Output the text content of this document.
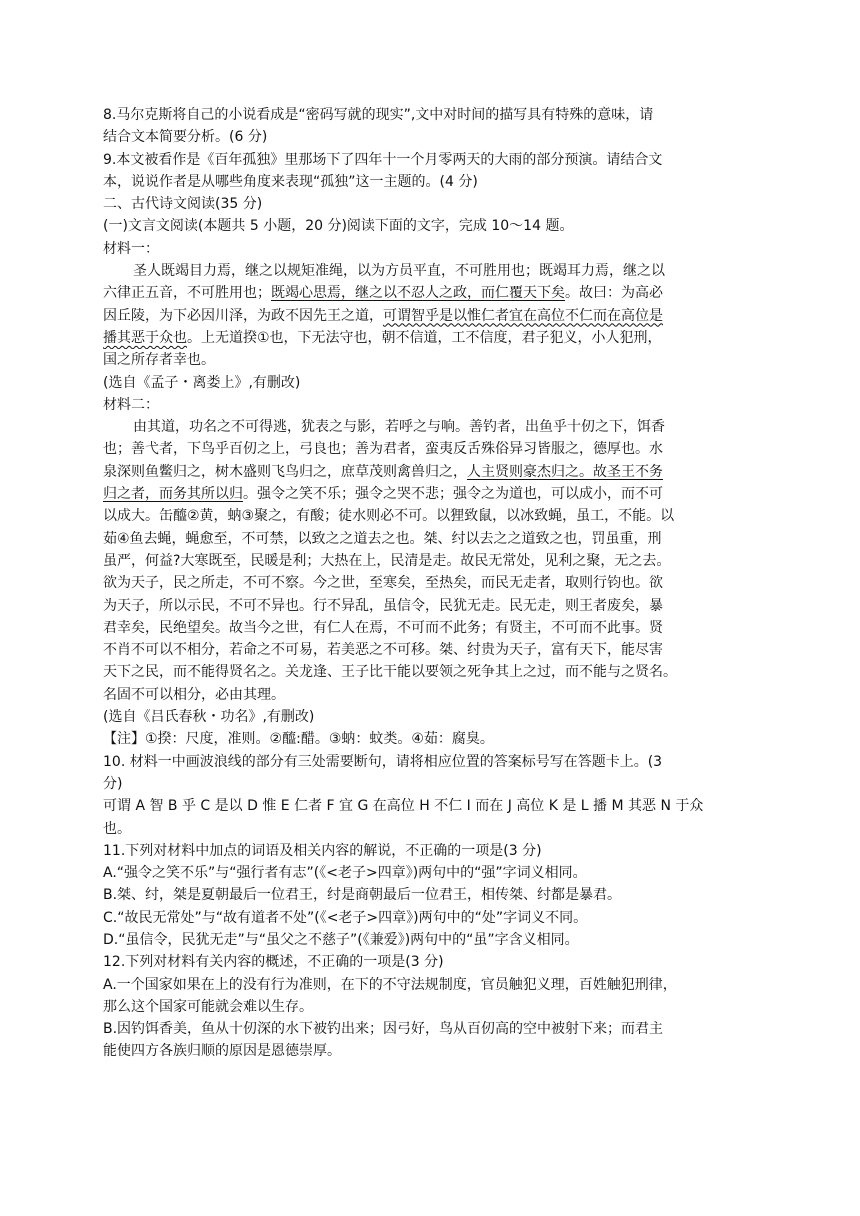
8.马尔克斯将自己的小说看成是“密码写就的现实”,文中对时间的描写具有特殊的意味，请
结合文本简要分析。(6 分)
9.本文被看作是《百年孤独》里那场下了四年十一个月零两天的大雨的部分预演。请结合文
本，说说作者是从哪些角度来表现“孤独”这一主题的。(4 分)
二、古代诗文阅读(35 分)
(一)文言文阅读(本题共 5 小题，20 分)阅读下面的文字，完成 10～14 题。
材料一：
圣人既竭目力焉，继之以规矩准绳，以为方员平直，不可胜用也；既竭耳力焉，继之以
六律正五音，不可胜用也；既竭心思焉，继之以不忍人之政，而仁覆天下矣。故曰：为高必
因丘陵，为下必因川泽，为政不因先王之道，可谓智乎是以惟仁者宜在高位不仁而在高位是
播其恶于众也。上无道揆①也，下无法守也，朝不信道，工不信度，君子犯义，小人犯刑，
国之所存者幸也。
(选自《孟子・离娄上》,有删改)
材料二：
由其道，功名之不可得逃，犹表之与影，若呼之与响。善钓者，出鱼乎十仞之下，饵香
也；善弋者，下鸟乎百仞之上，弓良也；善为君者，蛮夷反舌殊俗异习皆服之，德厚也。水
泉深则鱼鳖归之，树木盛则飞鸟归之，庶草茂则禽兽归之，人主贤则豪杰归之。故圣王不务
归之者，而务其所以归。强令之笑不乐；强令之哭不悲；强令之为道也，可以成小，而不可
以成大。缶醯②黄，蚋③聚之，有酸；徒水则必不可。以狸致鼠，以冰致蝇，虽工，不能。以
茹④鱼去蝇，蝇愈至，不可禁，以致之之道去之也。桀、纣以去之之道致之也，罚虽重，刑
虽严，何益?大寒既至，民暖是利；大热在上，民清是走。故民无常处，见利之聚，无之去。
欲为天子，民之所走，不可不察。今之世，至寒矣，至热矣，而民无走者，取则行钧也。欲
为天子，所以示民，不可不异也。行不异乱，虽信令，民犹无走。民无走，则王者废矣，暴
君幸矣，民绝望矣。故当今之世，有仁人在焉，不可而不此务；有贤主，不可而不此事。贤
不肖不可以不相分，若命之不可易，若美恶之不可移。桀、纣贵为天子，富有天下，能尽害
天下之民，而不能得贤名之。关龙逢、王子比干能以要领之死争其上之过，而不能与之贤名。
名固不可以相分，必由其理。
(选自《吕氏春秋・功名》,有删改)
【注】①揆：尺度，准则。②醯:醋。③蚋：蚊类。④茹：腐臭。
10. 材料一中画波浪线的部分有三处需要断句，请将相应位置的答案标号写在答题卡上。(3
分)
可谓 A 智 B 乎 C 是以 D 惟 E 仁者 F 宜 G 在高位 H 不仁 I 而在 J 高位 K 是 L 播 M 其恶 N 于众
也。
11.下列对材料中加点的词语及相关内容的解说，不正确的一项是(3 分)
A.“强令之笑不乐”与“强行者有志”(《<老子>四章》)两句中的“强”字词义相同。
B.桀、纣，桀是夏朝最后一位君王，纣是商朝最后一位君王，相传桀、纣都是暴君。
C.“故民无常处”与“故有道者不处”(《<老子>四章》)两句中的“处”字词义不同。
D.“虽信令，民犹无走”与“虽父之不慈子”(《兼爱》)两句中的“虽”字含义相同。
12.下列对材料有关内容的概述，不正确的一项是(3 分)
A.一个国家如果在上的没有行为准则，在下的不守法规制度，官员触犯义理，百姓触犯刑律，
那么这个国家可能就会难以生存。
B.因钓饵香美，鱼从十仞深的水下被钓出来；因弓好，鸟从百仞高的空中被射下来；而君主
能使四方各族归顺的原因是恩德崇厚。
